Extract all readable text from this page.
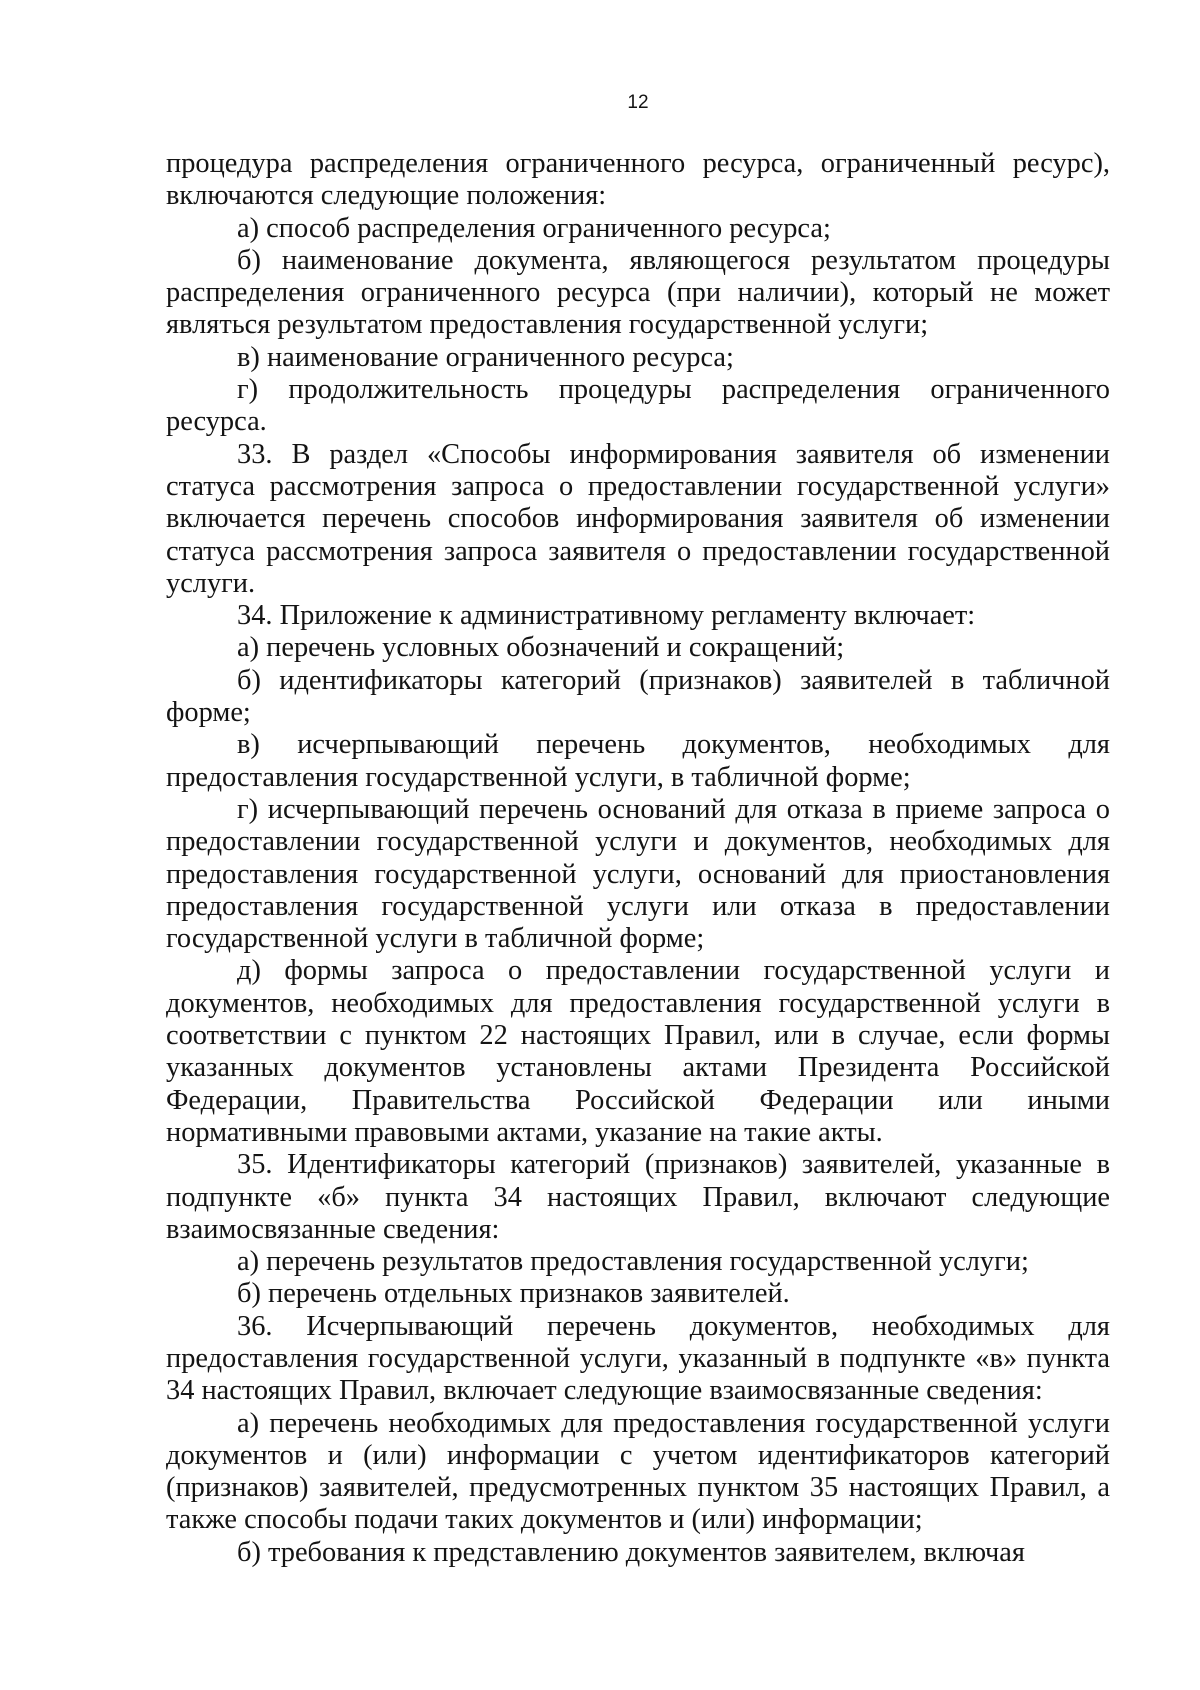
12

процедура распределения ограниченного ресурса, ограниченный ресурс), включаются следующие положения:

а) способ распределения ограниченного ресурса;

б) наименование документа, являющегося результатом процедуры распределения ограниченного ресурса (при наличии), который не может являться результатом предоставления государственной услуги;

в) наименование ограниченного ресурса;

г) продолжительность процедуры распределения ограниченного ресурса.

33. В раздел «Способы информирования заявителя об изменении статуса рассмотрения запроса о предоставлении государственной услуги» включается перечень способов информирования заявителя об изменении статуса рассмотрения запроса заявителя о предоставлении государственной услуги.

34. Приложение к административному регламенту включает:

а) перечень условных обозначений и сокращений;

б) идентификаторы категорий (признаков) заявителей в табличной форме;

в) исчерпывающий перечень документов, необходимых для предоставления государственной услуги, в табличной форме;

г) исчерпывающий перечень оснований для отказа в приеме запроса о предоставлении государственной услуги и документов, необходимых для предоставления государственной услуги, оснований для приостановления предоставления государственной услуги или отказа в предоставлении государственной услуги в табличной форме;

д) формы запроса о предоставлении государственной услуги и документов, необходимых для предоставления государственной услуги в соответствии с пунктом 22 настоящих Правил, или в случае, если формы указанных документов установлены актами Президента Российской Федерации, Правительства Российской Федерации или иными нормативными правовыми актами, указание на такие акты.

35. Идентификаторы категорий (признаков) заявителей, указанные в подпункте «б» пункта 34 настоящих Правил, включают следующие взаимосвязанные сведения:

а) перечень результатов предоставления государственной услуги;

б) перечень отдельных признаков заявителей.

36. Исчерпывающий перечень документов, необходимых для предоставления государственной услуги, указанный в подпункте «в» пункта 34 настоящих Правил, включает следующие взаимосвязанные сведения:

а) перечень необходимых для предоставления государственной услуги документов и (или) информации с учетом идентификаторов категорий (признаков) заявителей, предусмотренных пунктом 35 настоящих Правил, а также способы подачи таких документов и (или) информации;

б) требования к представлению документов заявителем, включая
